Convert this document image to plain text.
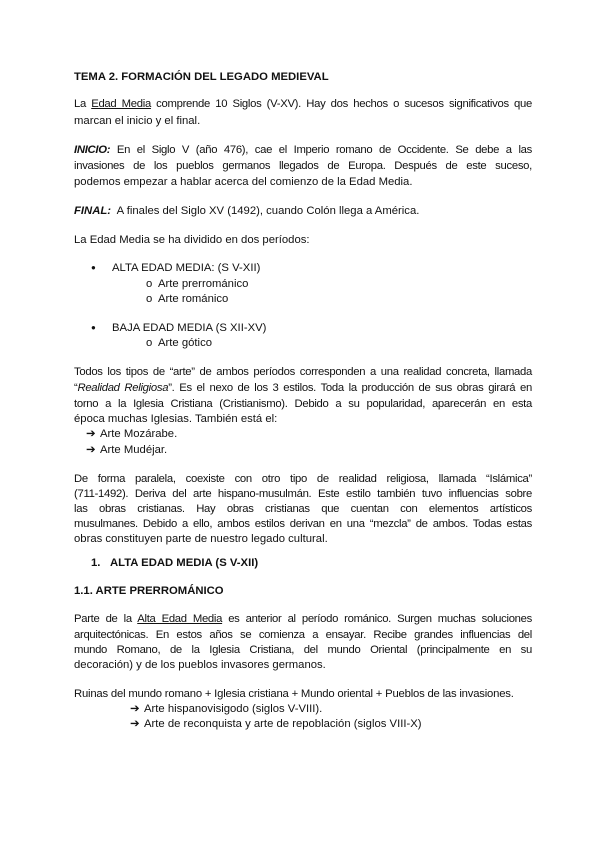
TEMA 2. FORMACIÓN DEL LEGADO MEDIEVAL
La Edad Media comprende 10 Siglos (V-XV). Hay dos hechos o sucesos significativos que
marcan el inicio y el final.
INICIO: En el Siglo V (año 476), cae el Imperio romano de Occidente. Se debe a las
invasiones de los pueblos germanos llegados de Europa. Después de este suceso,
podemos empezar a hablar acerca del comienzo de la Edad Media.
FINAL:  A finales del Siglo XV (1492), cuando Colón llega a América.
La Edad Media se ha dividido en dos períodos:
● ALTA EDAD MEDIA: (S V-XII)
o Arte prerrománico
o Arte románico
● BAJA EDAD MEDIA (S XII-XV)
o Arte gótico
Todos los tipos de “arte” de ambos períodos corresponden a una realidad concreta, llamada
“Realidad Religiosa”. Es el nexo de los 3 estilos. Toda la producción de sus obras girará en
torno a la Iglesia Cristiana (Cristianismo). Debido a su popularidad, aparecerán en esta
época muchas Iglesias. También está el:
➔ Arte Mozárabe.
➔ Arte Mudéjar.
De forma paralela, coexiste con otro tipo de realidad religiosa, llamada “Islámica”
(711-1492). Deriva del arte hispano-musulmán. Este estilo también tuvo influencias sobre
las obras cristianas. Hay obras cristianas que cuentan con elementos artísticos
musulmanes. Debido a ello, ambos estilos derivan en una “mezcla” de ambos. Todas estas
obras constituyen parte de nuestro legado cultural.
1. ALTA EDAD MEDIA (S V-XII)
1.1. ARTE PRERROMÁNICO
Parte de la Alta Edad Media es anterior al período románico. Surgen muchas soluciones
arquitectónicas. En estos años se comienza a ensayar. Recibe grandes influencias del
mundo Romano, de la Iglesia Cristiana, del mundo Oriental (principalmente en su
decoración) y de los pueblos invasores germanos.
Ruinas del mundo romano + Iglesia cristiana + Mundo oriental + Pueblos de las invasiones.
➔ Arte hispanovisigodo (siglos V-VIII).
➔ Arte de reconquista y arte de repoblación (siglos VIII-X)
